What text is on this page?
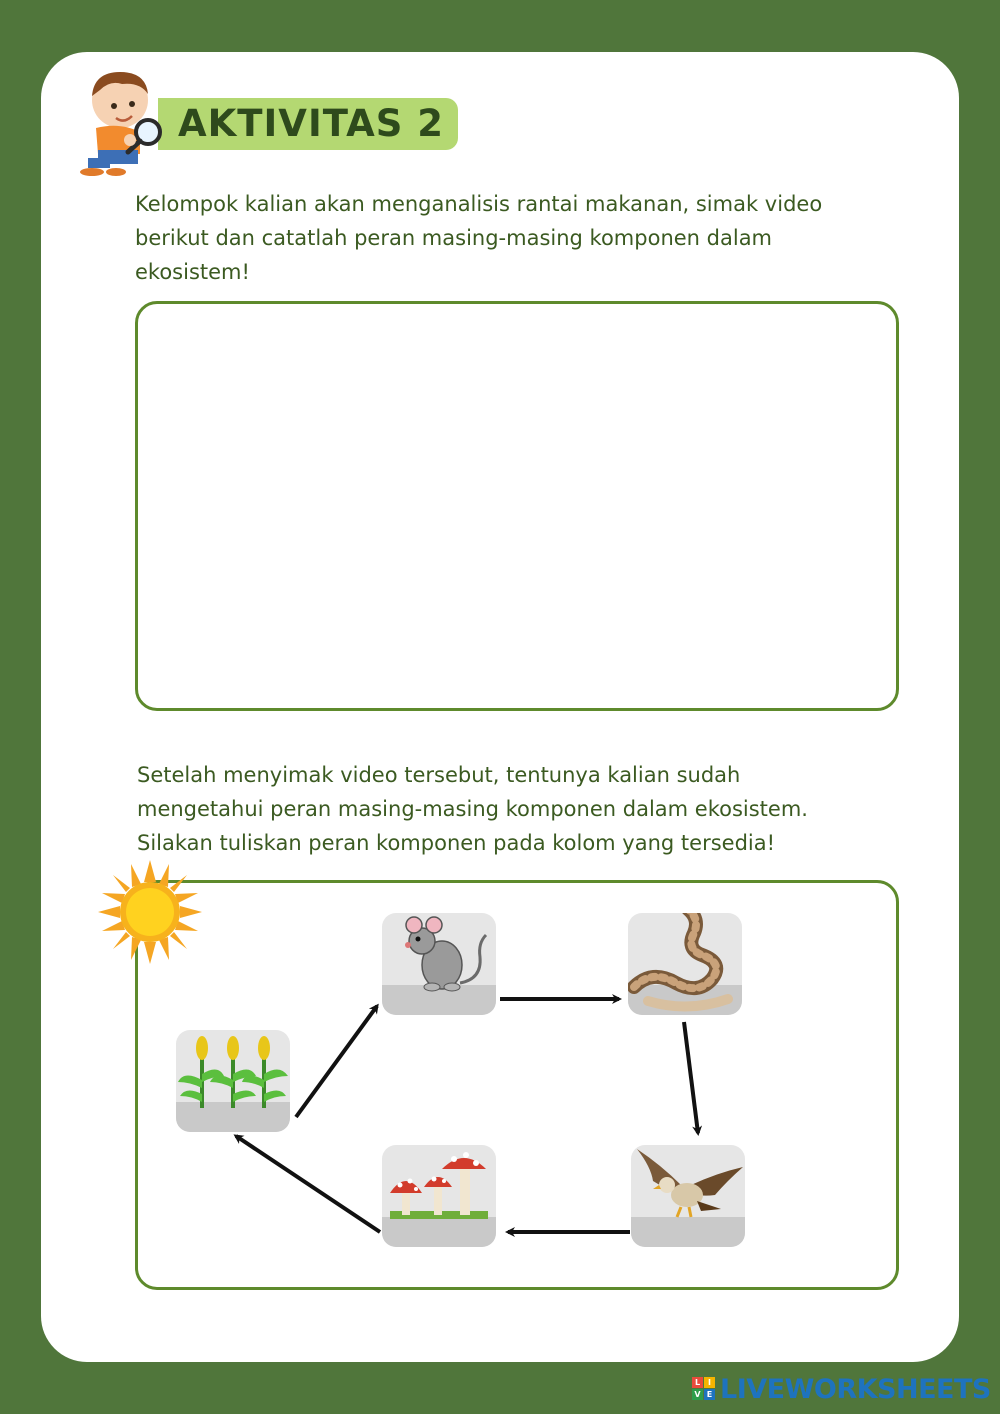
AKTIVITAS 2
Kelompok kalian akan menganalisis rantai makanan, simak video
berikut dan catatlah peran masing-masing komponen dalam
ekosistem!
Setelah menyimak video tersebut, tentunya kalian sudah
mengetahui peran masing-masing komponen dalam ekosistem.
Silakan tuliskan peran komponen pada kolom yang tersedia!
L I
V E LIVEWORKSHEETS
